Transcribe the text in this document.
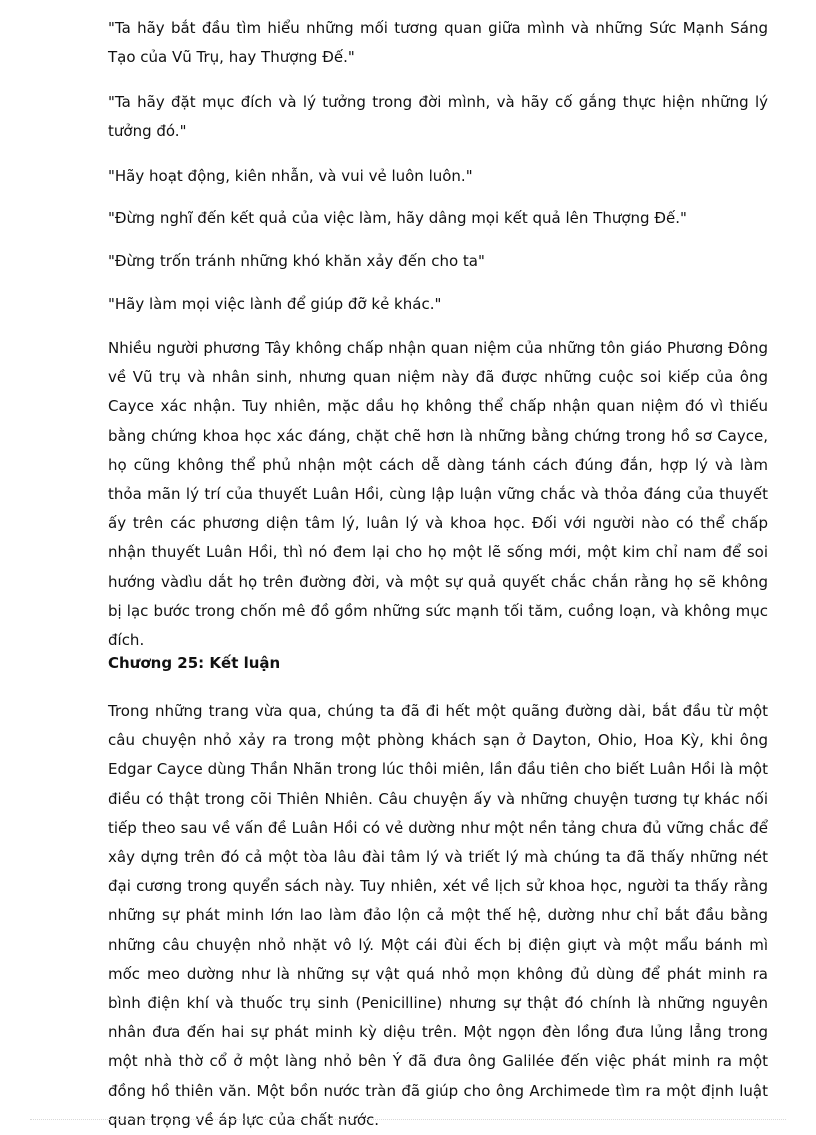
"Ta hãy bắt đầu tìm hiểu những mối tương quan giữa mình và những Sức Mạnh Sáng Tạo của Vũ Trụ, hay Thượng Đế."

"Ta hãy đặt mục đích và lý tưởng trong đời mình, và hãy cố gắng thực hiện những lý tưởng đó."

"Hãy hoạt động, kiên nhẫn, và vui vẻ luôn luôn."

"Đừng nghĩ đến kết quả của việc làm, hãy dâng mọi kết quả lên Thượng Đế."

"Đừng trốn tránh những khó khăn xảy đến cho ta"

"Hãy làm mọi việc lành để giúp đỡ kẻ khác."

Nhiều người phương Tây không chấp nhận quan niệm của những tôn giáo Phương Đông về Vũ trụ và nhân sinh, nhưng quan niệm này đã được những cuộc soi kiếp của ông Cayce xác nhận. Tuy nhiên, mặc dầu họ không thể chấp nhận quan niệm đó vì thiếu bằng chứng khoa học xác đáng, chặt chẽ hơn là những bằng chứng trong hồ sơ Cayce, họ cũng không thể phủ nhận một cách dễ dàng tánh cách đúng đắn, hợp lý và làm thỏa mãn lý trí của thuyết Luân Hồi, cùng lập luận vững chắc và thỏa đáng của thuyết ấy trên các phương diện tâm lý, luân lý và khoa học. Đối với người nào có thể chấp nhận thuyết Luân Hồi, thì nó đem lại cho họ một lẽ sống mới, một kim chỉ nam để soi hướng vàdìu dắt họ trên đường đời, và một sự quả quyết chắc chắn rằng họ sẽ không bị lạc bước trong chốn mê đồ gồm những sức mạnh tối tăm, cuồng loạn, và không mục đích.

Chương 25: Kết luận

Trong những trang vừa qua, chúng ta đã đi hết một quãng đường dài, bắt đầu từ một câu chuyện nhỏ xảy ra trong một phòng khách sạn ở Dayton, Ohio, Hoa Kỳ, khi ông Edgar Cayce dùng Thần Nhãn trong lúc thôi miên, lần đầu tiên cho biết Luân Hồi là một điều có thật trong cõi Thiên Nhiên. Câu chuyện ấy và những chuyện tương tự khác nối tiếp theo sau về vấn đề Luân Hồi có vẻ dường như một nền tảng chưa đủ vững chắc để xây dựng trên đó cả một tòa lâu đài tâm lý và triết lý mà chúng ta đã thấy những nét đại cương trong quyển sách này. Tuy nhiên, xét về lịch sử khoa học, người ta thấy rằng những sự phát minh lớn lao làm đảo lộn cả một thế hệ, dường như chỉ bắt đầu bằng những câu chuyện nhỏ nhặt vô lý. Một cái đùi ếch bị điện giựt và một mẩu bánh mì mốc meo dường như là những sự vật quá nhỏ mọn không đủ dùng để phát minh ra bình điện khí và thuốc trụ sinh (Penicilline) nhưng sự thật đó chính là những nguyên nhân đưa đến hai sự phát minh kỳ diệu trên. Một ngọn đèn lồng đưa lủng lẳng trong một nhà thờ cổ ở một làng nhỏ bên Ý đã đưa ông Galilée đến việc phát minh ra một đồng hồ thiên văn. Một bồn nước tràn đã giúp cho ông Archimede tìm ra một định luật quan trọng về áp lực của chất nước.
